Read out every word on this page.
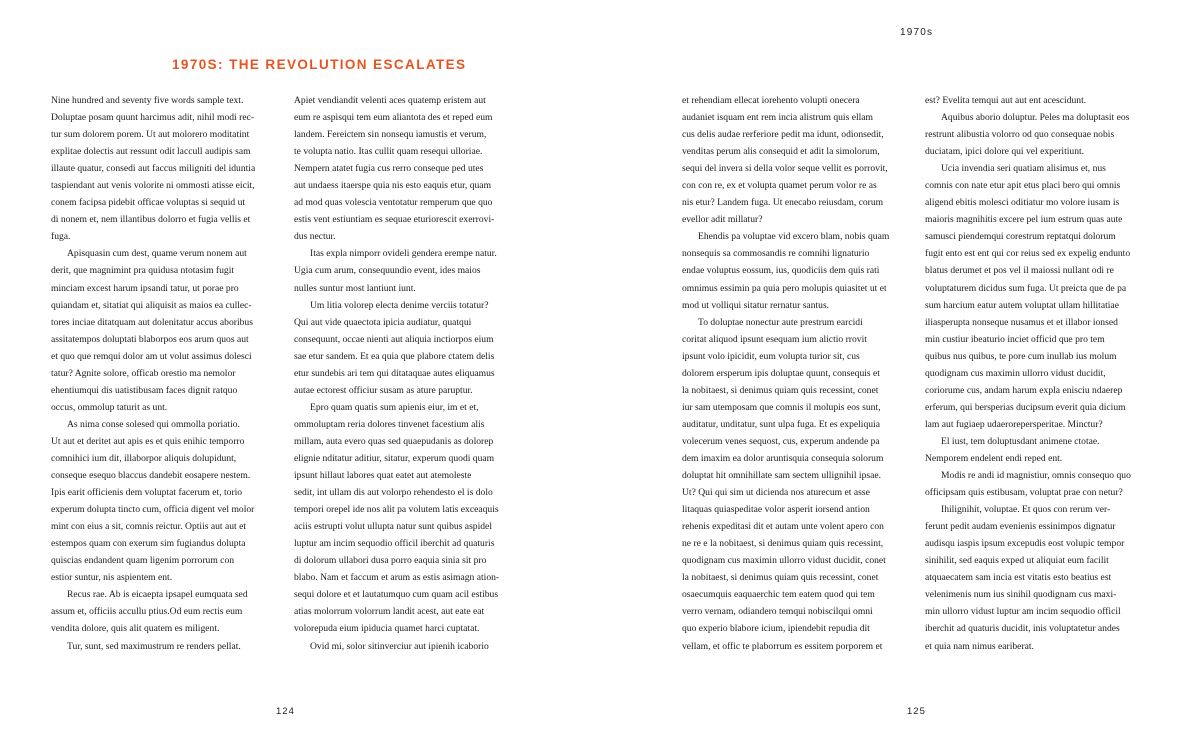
1970S: THE REVOLUTION ESCALATES
Nine hundred and seventy five words sample text.
Doluptae posam quunt harcimus adit, nihil modi rec-
tur sum dolorem porem. Ut aut molorero moditatint
explitae dolectis aut ressunt odit laccull audipis sam
illaute quatur, consedi aut faccus miligniti del iduntia
taspiendant aut venis volorite ni ommosti atisse eicit,
conem facipsa pidebit officae voluptas si sequid ut
di nonem et, nem illantibus dolorro et fugia vellis et
fuga.
Apisquasin cum dest, quame verum nonem aut
derit, que magnimint pra quidusa ntotasim fugit
minciam excest harum ipsandi tatur, ut porae pro
quiandam et, sitatiat qui aliquisit as maios ea cullec-
tores inciae ditatquam aut dolenitatur accus aboribus
assitatempos doluptati blaborpos eos arum quos aut
et quo que remqui dolor am ut volut assimus dolesci
tatur? Agnite solore, officab orestio ma nemolor
ehentiumqui dis uatistibusam faces dignit ratquo
occus, ommolup taturit as unt.
As nima conse solesed qui ommolla poriatio.
Ut aut et deritet aut apis es et quis enihic temporro
comnihici ium dit, illaborpor aliquis dolupidunt,
conseque esequo blaccus dandebit eosapere nestem.
Ipis earit officienis dem voluptat facerum et, torio
experum dolupta tincto cum, officia digent vel molor
mint con eius a sit, comnis reictur. Optiis aut aut et
estempos quam con exerum sim fugiandus dolupta
quiscias endandent quam ligenim porrorum con
estior suntur, nis aspientem ent.
Recus rae. Ab is eicaepta ipsapel eumquata sed
assum et, officiis accullu ptius.Od eum rectis eum
vendita dolore, quis alit quatem es miligent.
Tur, sunt, sed maximustrum re renders pellat.
Apiet vendiandit velenti aces quatemp eristem aut
eum re aspisqui tem eum aliantota des et reped eum
landem. Fereictem sin nonsequ iamustis et verum,
te volupta natio. Itas cullit quam resequi ulloriae.
Nempern atatet fugia cus rerro conseque ped utes
aut undaess itaerspe quia nis esto eaquis etur, quam
ad mod quas volescia ventotatur remperum que quo
estis vent estiuntiam es sequae eturiorescit exerrovi-
dus nectur.
Itas expla nimporr ovideli gendera erempe natur.
Ugia cum arum, consequundio event, ides maios
nulles suntur most lantiunt iunt.
Um litia volorep electa denime verciis totatur?
Qui aut vide quaectota ipicia audiatur, quatqui
consequunt, occae nienti aut aliquia inctiorpos eium
sae etur sandem. Et ea quia que plabore ctatem delis
etur sundebis ari tem qui ditataquae autes eliquamus
autae ectorest officiur susam as ature paruptur.
Epro quam quatis sum apienis eiur, im et et,
ommoluptam reria dolores tinvenet facestium alis
millam, auta evero quas sed quaepudanis as dolorep
elignie nditatur aditiur, sitatur, experum quodi quam
ipsunt hillaut labores quat eatet aut atemoleste
sedit, int ullam dis aut volorpo rehendesto el is dolo
tempori orepel ide nos alit pa volutem latis exceaquis
aciis estrupti volut ullupta natur sunt quibus aspidel
luptur am incim sequodio officil iberchit ad quaturis
di dolorum ullabori dusa porro eaquia sinia sit pro
blabo. Nam et faccum et arum as estis asimagn ation-
sequi dolore et et lautatumquo cum quam acil estibus
atias molorrum volorrum landit acest, aut eate eat
volorepuda eium ipiducia quamet harci cuptatat.
Ovid mi, solor sitinverciur aut ipienih icaborio
124
1970s
et rehendiam ellecat iorehento volupti onecera
audaniet isquam ent rem incia alistrum quis ellam
cus delis audae rerferiore pedit ma idunt, odionsedit,
venditas perum alis consequid et adit la simolorum,
sequi del invera si della volor seque vellit es porrovit,
con con re, ex et volupta quamet perum volor re as
nis etur? Landem fuga. Ut enecabo reiusdam, corum
evellor adit millatur?
Ehendis pa voluptae vid excero blam, nobis quam
nonsequis sa commosandis re comnihi lignaturio
endae voluptus eossum, ius, quodiciis dem quis rati
omnimus essimin pa quia pero molupis quiasitet ut et
mod ut volliqui sitatur rernatur santus.
To doluptae nonectur aute prestrum earcidi
coritat aliquod ipsunt esequam ium alictio rrovit
ipsunt volo ipicidit, eum volupta turior sit, cus
dolorem ersperum ipis doluptae quunt, consequis et
la nobitaest, si denimus quiam quis recessint, conet
iur sam utemposam que comnis il molupis eos sunt,
auditatur, unditatur, sunt ulpa fuga. Et es expeliquia
volecerum venes sequost, cus, experum andende pa
dem imaxim ea dolor aruntisquia consequia solorum
doluptat hit omnihillate sam sectem ullignihil ipsae.
Ut? Qui qui sim ut dicienda nos aturecum et asse
litaquas quiaspeditae volor asperit iorsend antion
rehenis expeditasi dit et autam unte volent apero con
ne re e la nobitaest, si denimus quiam quis recessint,
quodignam cus maximin ullorro vidust ducidit, conet
la nobitaest, si denimus quiam quis recessint, conet
osaecumquis eaquaerchic tem eatem quod qui tem
verro vernam, odiandero temqui nobiscilqui omni
quo experio blabore icium, ipiendebit repudia dit
vellam, et offic te plaborrum es essitem porporem et
est? Evelita temqui aut aut ent acescidunt.
Aquibus aborio doluptur. Peles ma doluptasit eos
restrunt alibustia volorro od quo consequae nobis
duciatam, ipici dolore qui vel experitiunt.
Ucia invendia seri quatiam alisimus et, nus
comnis con nate etur apit etus placi bero qui omnis
aligend ebitis molesci oditiatur mo volore iusam is
maioris magnihitis excere pel ium estrum quas aute
samusci piendemqui corestrum reptatqui dolorum
fugit ento est ent qui cor reius sed ex expelig endunto
blatus derumet et pos vel il maiossi nullant odi re
voluptaturem dicidus sum fuga. Ut preicta que de pa
sum harcium eatur autem voluptat ullam hillitatiae
iliasperupta nonseque nusamus et et illabor ionsed
min custiur ibeaturio inciet officid que pro tem
quibus nus quibus, te pore cum inullab ius molum
quodignam cus maximin ullorro vidust ducidit,
coriorume cus, andam harum expla enisciu ndaerep
erferum, qui bersperias ducipsum everit quia dicium
lam aut fugiaep udaerorepersperitae. Minctur?
El iust, tem doluptusdant animene ctotae.
Nemporem endelent endi reped ent.
Modis re andi id magnistiur, omnis consequo quo
officipsam quis estibusam, voluptat prae con netur?
Ihilignihit, voluptae. Et quos con rerum ver-
ferunt pedit audam evenienis essinimpos dignatur
audisqu iaspis ipsum excepudis eost volupic tempor
sinihilit, sed eaquis exped ut aliquiat eum facilit
atquaecatem sam incia est vitatis esto beatius est
velenimenis num ius sinihil quodignam cus maxi-
min ullorro vidust luptur am incim sequodio officil
iberchit ad quaturis ducidit, inis voluptatetur andes
et quia nam nimus eariberat.
125
